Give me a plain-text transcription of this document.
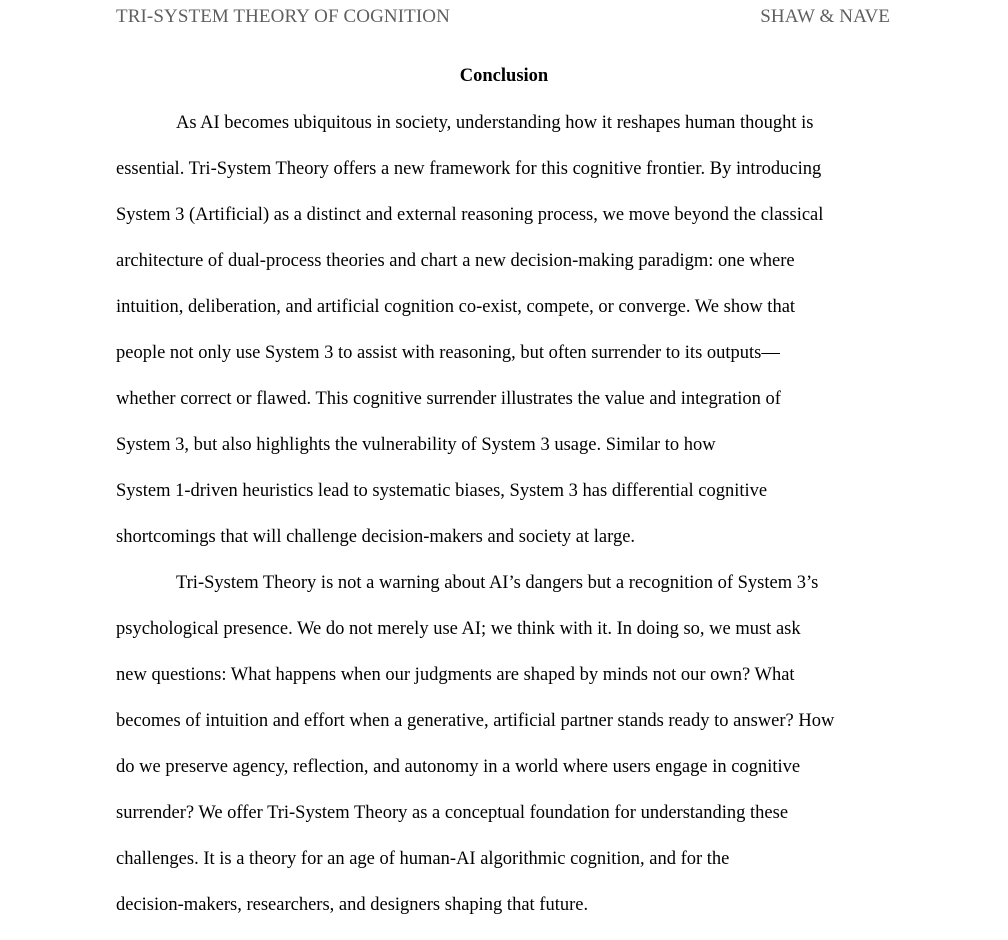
TRI-SYSTEM THEORY OF COGNITION	SHAW & NAVE
Conclusion
As AI becomes ubiquitous in society, understanding how it reshapes human thought is
essential. Tri-System Theory offers a new framework for this cognitive frontier. By introducing
System 3 (Artificial) as a distinct and external reasoning process, we move beyond the classical
architecture of dual-process theories and chart a new decision-making paradigm: one where
intuition, deliberation, and artificial cognition co-exist, compete, or converge. We show that
people not only use System 3 to assist with reasoning, but often surrender to its outputs—
whether correct or flawed. This cognitive surrender illustrates the value and integration of
System 3, but also highlights the vulnerability of System 3 usage. Similar to how
System 1-driven heuristics lead to systematic biases, System 3 has differential cognitive
shortcomings that will challenge decision-makers and society at large.
Tri-System Theory is not a warning about AI’s dangers but a recognition of System 3’s
psychological presence. We do not merely use AI; we think with it. In doing so, we must ask
new questions: What happens when our judgments are shaped by minds not our own? What
becomes of intuition and effort when a generative, artificial partner stands ready to answer? How
do we preserve agency, reflection, and autonomy in a world where users engage in cognitive
surrender? We offer Tri-System Theory as a conceptual foundation for understanding these
challenges. It is a theory for an age of human-AI algorithmic cognition, and for the
decision-makers, researchers, and designers shaping that future.
